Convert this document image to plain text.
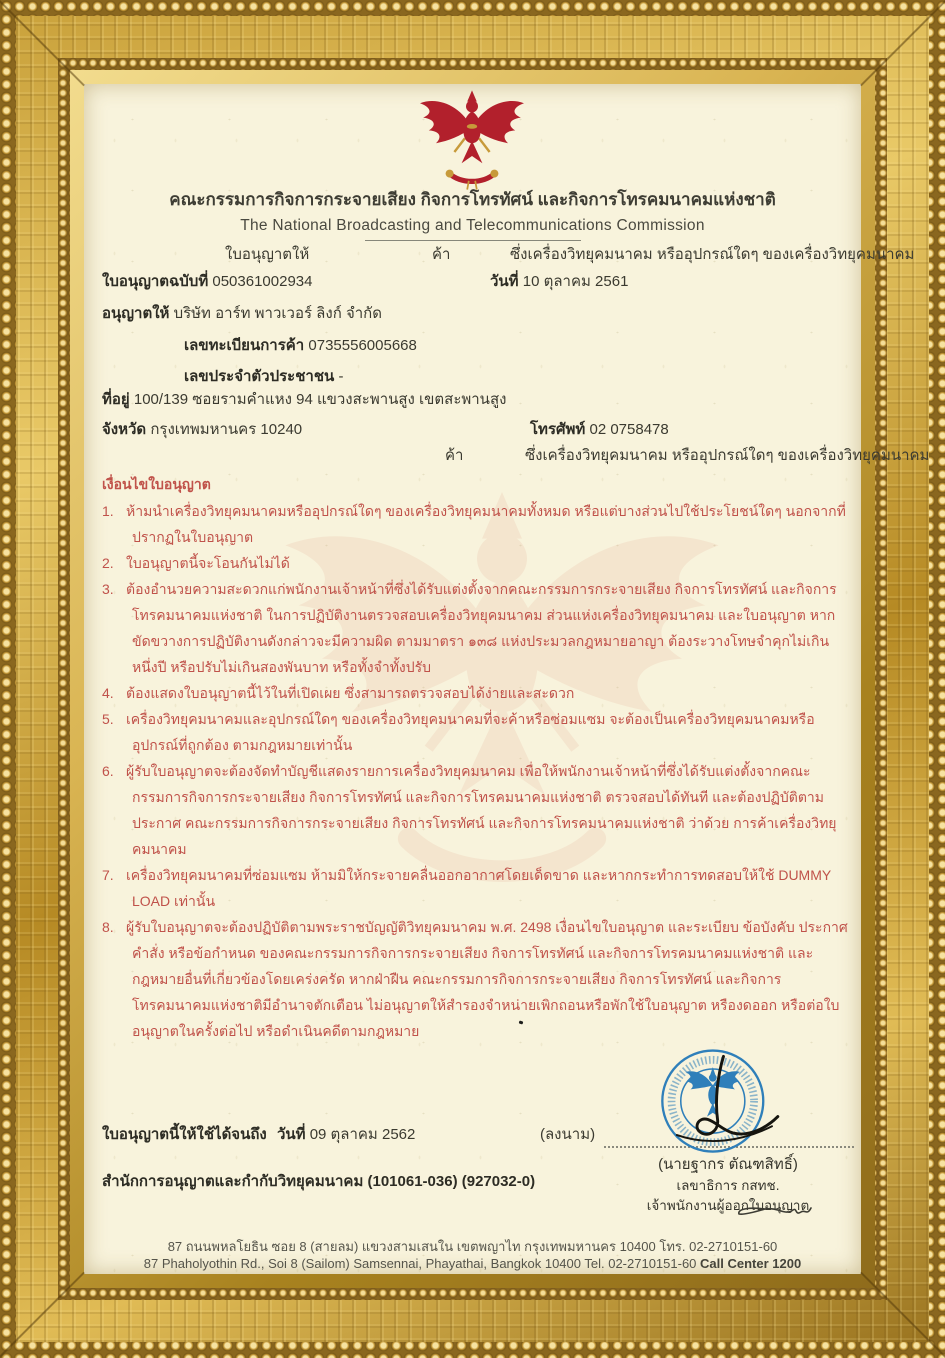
คณะกรรมการกิจการกระจายเสียง กิจการโทรทัศน์ และกิจการโทรคมนาคมแห่งชาติ
The National Broadcasting and Telecommunications Commission
ใบอนุญาตให้	ค้า	ซึ่งเครื่องวิทยุคมนาคม หรืออุปกรณ์ใดๆ ของเครื่องวิทยุคมนาคม
ใบอนุญาตฉบับที่ 050361002934	วันที่ 10 ตุลาคม 2561
อนุญาตให้ บริษัท อาร์ท พาวเวอร์ ลิงก์ จำกัด
เลขทะเบียนการค้า 0735556005668
เลขประจำตัวประชาชน -
ที่อยู่ 100/139 ซอยรามคำแหง 94 แขวงสะพานสูง เขตสะพานสูง
จังหวัด กรุงเทพมหานคร 10240	โทรศัพท์ 02 0758478
ค้า	ซึ่งเครื่องวิทยุคมนาคม หรืออุปกรณ์ใดๆ ของเครื่องวิทยุคมนาคม
เงื่อนไขใบอนุญาต
1. ห้ามนำเครื่องวิทยุคมนาคมหรืออุปกรณ์ใดๆ ของเครื่องวิทยุคมนาคมทั้งหมด หรือแต่บางส่วนไปใช้ประโยชน์ใดๆ นอกจากที่ปรากฏในใบอนุญาต
2. ใบอนุญาตนี้จะโอนกันไม่ได้
3. ต้องอำนวยความสะดวกแก่พนักงานเจ้าหน้าที่ซึ่งได้รับแต่งตั้งจากคณะกรรมการกระจายเสียง กิจการโทรทัศน์ และกิจการโทรคมนาคมแห่งชาติ ในการปฏิบัติงานตรวจสอบเครื่องวิทยุคมนาคม ส่วนแห่งเครื่องวิทยุคมนาคม และใบอนุญาต หากขัดขวางการปฏิบัติงานดังกล่าวจะมีความผิด ตามมาตรา ๑๓๘ แห่งประมวลกฎหมายอาญา ต้องระวางโทษจำคุกไม่เกินหนึ่งปี หรือปรับไม่เกินสองพันบาท หรือทั้งจำทั้งปรับ
4. ต้องแสดงใบอนุญาตนี้ไว้ในที่เปิดเผย ซึ่งสามารถตรวจสอบได้ง่ายและสะดวก
5. เครื่องวิทยุคมนาคมและอุปกรณ์ใดๆ ของเครื่องวิทยุคมนาคมที่จะค้าหรือซ่อมแซม จะต้องเป็นเครื่องวิทยุคมนาคมหรืออุปกรณ์ที่ถูกต้อง ตามกฎหมายเท่านั้น
6. ผู้รับใบอนุญาตจะต้องจัดทำบัญชีแสดงรายการเครื่องวิทยุคมนาคม เพื่อให้พนักงานเจ้าหน้าที่ซึ่งได้รับแต่งตั้งจากคณะกรรมการกิจการกระจายเสียง กิจการโทรทัศน์ และกิจการโทรคมนาคมแห่งชาติ ตรวจสอบได้ทันที และต้องปฏิบัติตามประกาศ คณะกรรมการกิจการกระจายเสียง กิจการโทรทัศน์ และกิจการโทรคมนาคมแห่งชาติ ว่าด้วย การค้าเครื่องวิทยุคมนาคม
7. เครื่องวิทยุคมนาคมที่ซ่อมแซม ห้ามมิให้กระจายคลื่นออกอากาศโดยเด็ดขาด และหากกระทำการทดสอบให้ใช้ DUMMY LOAD เท่านั้น
8. ผู้รับใบอนุญาตจะต้องปฏิบัติตามพระราชบัญญัติวิทยุคมนาคม พ.ศ. 2498 เงื่อนไขใบอนุญาต และระเบียบ ข้อบังคับ ประกาศ คำสั่ง หรือข้อกำหนด ของคณะกรรมการกิจการกระจายเสียง กิจการโทรทัศน์ และกิจการโทรคมนาคมแห่งชาติ และกฎหมายอื่นที่เกี่ยวข้องโดยเคร่งครัด หากฝ่าฝืน คณะกรรมการกิจการกระจายเสียง กิจการโทรทัศน์ และกิจการโทรคมนาคมแห่งชาติมีอำนาจตักเตือน ไม่อนุญาตให้สำรองจำหน่ายเพิกถอนหรือพักใช้ใบอนุญาต หรืองดออก หรือต่อใบอนุญาตในครั้งต่อไป หรือดำเนินคดีตามกฎหมาย
(ลงนาม)
ใบอนุญาตนี้ให้ใช้ได้จนถึง วันที่ 09 ตุลาคม 2562
(นายฐากร ตัณฑสิทธิ์)
เลขาธิการ กสทช.
เจ้าพนักงานผู้ออกใบอนุญาต
สำนักการอนุญาตและกำกับวิทยุคมนาคม (101061-036) (927032-0)
87 ถนนพหลโยธิน ซอย 8 (สายลม) แขวงสามเสนใน เขตพญาไท กรุงเทพมหานคร 10400 โทร. 02-2710151-60
87 Phaholyothin Rd., Soi 8 (Sailom) Samsennai, Phayathai, Bangkok 10400 Tel. 02-2710151-60 Call Center 1200
